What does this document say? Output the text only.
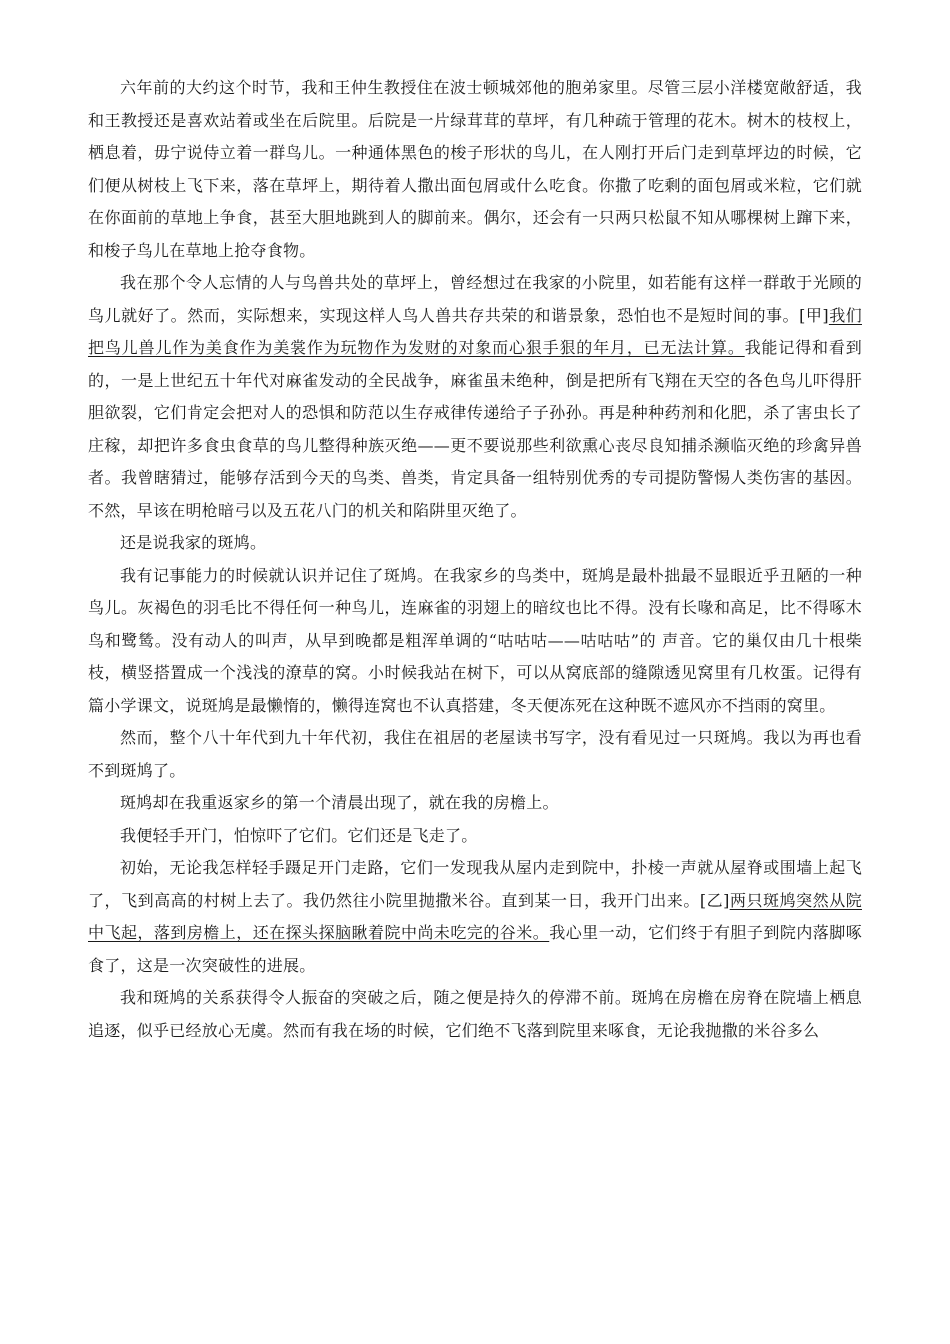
六年前的大约这个时节，我和王仲生教授住在波士顿城郊他的胞弟家里。尽管三层小洋楼宽敞舒适，我和王教授还是喜欢站着或坐在后院里。后院是一片绿茸茸的草坪，有几种疏于管理的花木。树木的枝杈上，栖息着，毋宁说侍立着一群鸟儿。一种通体黑色的梭子形状的鸟儿，在人刚打开后门走到草坪边的时候，它们便从树枝上飞下来，落在草坪上，期待着人撒出面包屑或什么吃食。你撒了吃剩的面包屑或米粒，它们就在你面前的草地上争食，甚至大胆地跳到人的脚前来。偶尔，还会有一只两只松鼠不知从哪棵树上蹿下来，和梭子鸟儿在草地上抢夺食物。

我在那个令人忘情的人与鸟兽共处的草坪上，曾经想过在我家的小院里，如若能有这样一群敢于光顾的鸟儿就好了。然而，实际想来，实现这样人鸟人兽共存共荣的和谐景象，恐怕也不是短时间的事。[甲]我们把鸟儿兽儿作为美食作为美裳作为玩物作为发财的对象而心狠手狠的年月，已无法计算。我能记得和看到的，一是上世纪五十年代对麻雀发动的全民战争，麻雀虽未绝种，倒是把所有飞翔在天空的各色鸟儿吓得肝胆欲裂，它们肯定会把对人的恐惧和防范以生存戒律传递给子子孙孙。再是种种药剂和化肥，杀了害虫长了庄稼，却把许多食虫食草的鸟儿整得种族灭绝——更不要说那些利欲熏心丧尽良知捕杀濒临灭绝的珍禽异兽者。我曾瞎猜过，能够存活到今天的鸟类、兽类，肯定具备一组特别优秀的专司提防警惕人类伤害的基因。不然，早该在明枪暗弓以及五花八门的机关和陷阱里灭绝了。

还是说我家的斑鸠。

我有记事能力的时候就认识并记住了斑鸠。在我家乡的鸟类中，斑鸠是最朴拙最不显眼近乎丑陋的一种鸟儿。灰褐色的羽毛比不得任何一种鸟儿，连麻雀的羽翅上的暗纹也比不得。没有长喙和高足，比不得啄木鸟和鹭鸶。没有动人的叫声，从早到晚都是粗浑单调的“咕咕咕——咕咕咕”的 声音。它的巢仅由几十根柴枝，横竖搭置成一个浅浅的潦草的窝。小时候我站在树下，可以从窝底部的缝隙透见窝里有几枚蛋。记得有篇小学课文，说斑鸠是最懒惰的，懒得连窝也不认真搭建，冬天便冻死在这种既不遮风亦不挡雨的窝里。

然而，整个八十年代到九十年代初，我住在祖居的老屋读书写字，没有看见过一只斑鸠。我以为再也看不到斑鸠了。

斑鸠却在我重返家乡的第一个清晨出现了，就在我的房檐上。

我便轻手开门，怕惊吓了它们。它们还是飞走了。

初始，无论我怎样轻手蹑足开门走路，它们一发现我从屋内走到院中，扑棱一声就从屋脊或围墙上起飞了，飞到高高的村树上去了。我仍然往小院里抛撒米谷。直到某一日，我开门出来。[乙]两只斑鸠突然从院中飞起，落到房檐上，还在探头探脑瞅着院中尚未吃完的谷米。我心里一动，它们终于有胆子到院内落脚啄食了，这是一次突破性的进展。

我和斑鸠的关系获得令人振奋的突破之后，随之便是持久的停滞不前。斑鸠在房檐在房脊在院墙上栖息追逐，似乎已经放心无虞。然而有我在场的时候，它们绝不飞落到院里来啄食，无论我抛撒的米谷多么
